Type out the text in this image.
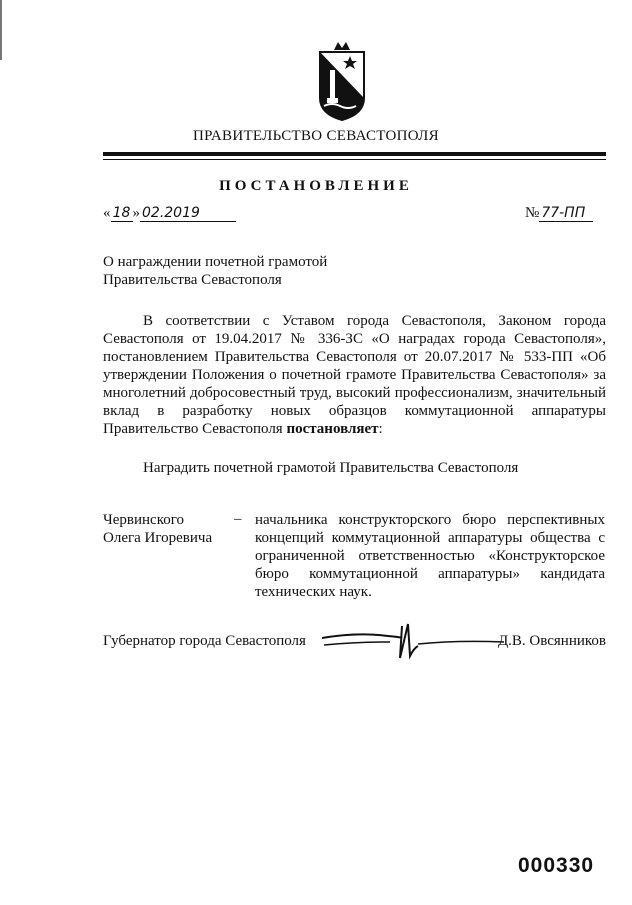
ПРАВИТЕЛЬСТВО СЕВАСТОПОЛЯ
ПОСТАНОВЛЕНИЕ
« 18 » 02.2019	№ 77-ПП
О награждении почетной грамотой
Правительства Севастополя
В соответствии с Уставом города Севастополя, Законом города Севастополя от 19.04.2017 № 336-ЗС «О наградах города Севастополя», постановлением Правительства Севастополя от 20.07.2017 № 533-ПП «Об утверждении Положения о почетной грамоте Правительства Севастополя» за многолетний добросовестный труд, высокий профессионализм, значительный вклад в разработку новых образцов коммутационной аппаратуры Правительство Севастополя постановляет:
Наградить почетной грамотой Правительства Севастополя
Червинского
Олега Игоревича
– начальника конструкторского бюро перспективных концепций коммутационной аппаратуры общества с ограниченной ответственностью «Конструкторское бюро коммутационной аппаратуры» кандидата технических наук.
Губернатор города Севастополя	Д.В. Овсянников
000330
